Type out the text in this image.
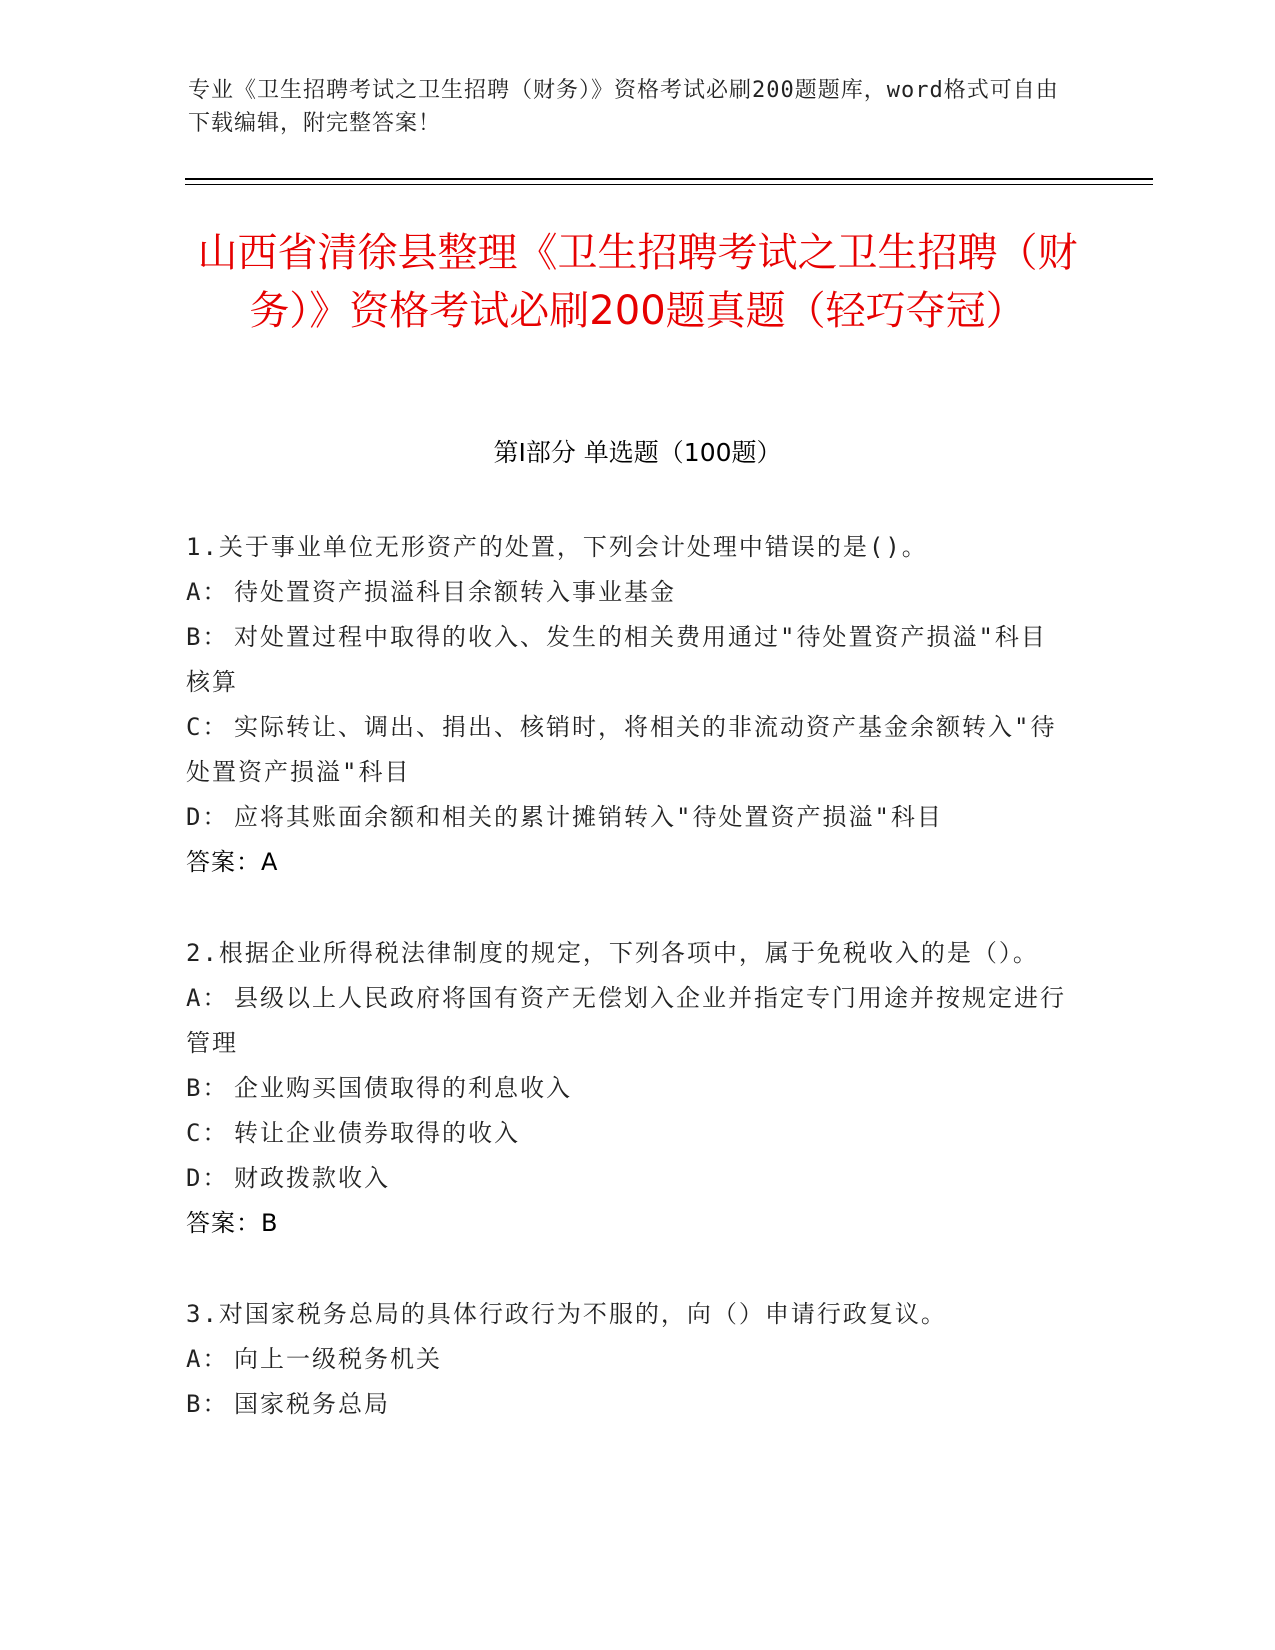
专业《卫生招聘考试之卫生招聘（财务）》资格考试必刷200题题库，word格式可自由下载编辑，附完整答案！
山西省清徐县整理《卫生招聘考试之卫生招聘（财务）》资格考试必刷200题真题（轻巧夺冠）
第Ⅰ部分 单选题（100题）

1.关于事业单位无形资产的处置，下列会计处理中错误的是()。

A： 待处置资产损溢科目余额转入事业基金

B： 对处置过程中取得的收入、发生的相关费用通过"待处置资产损溢"科目核算

C： 实际转让、调出、捐出、核销时，将相关的非流动资产基金余额转入"待处置资产损溢"科目

D： 应将其账面余额和相关的累计摊销转入"待处置资产损溢"科目

答案：A

2.根据企业所得税法律制度的规定，下列各项中，属于免税收入的是（）。

A： 县级以上人民政府将国有资产无偿划入企业并指定专门用途并按规定进行管理

B： 企业购买国债取得的利息收入

C： 转让企业债券取得的收入

D： 财政拨款收入

答案：B

3.对国家税务总局的具体行政行为不服的，向（）申请行政复议。

A： 向上一级税务机关

B： 国家税务总局
